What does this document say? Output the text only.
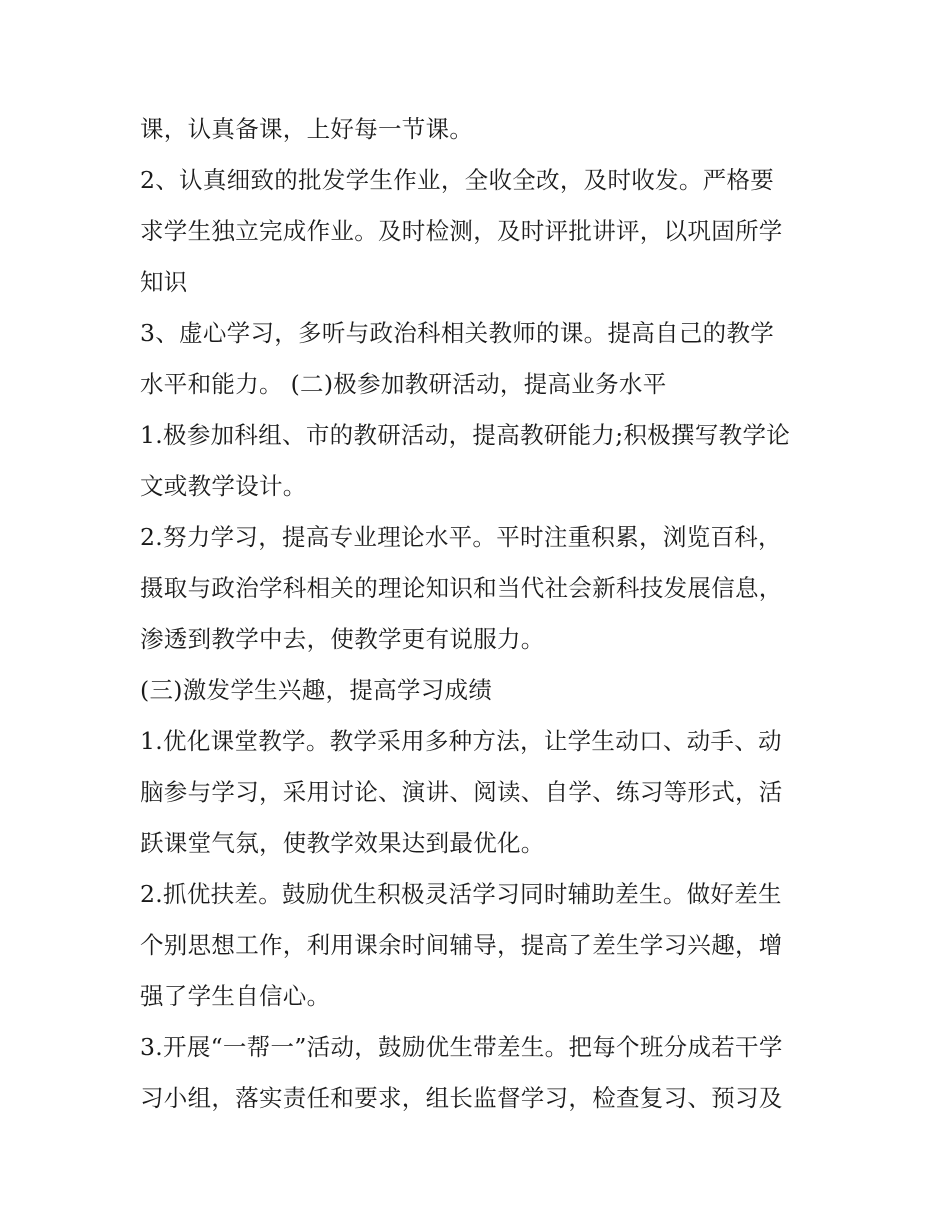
课，认真备课，上好每一节课。
2、认真细致的批发学生作业，全收全改，及时收发。严格要
求学生独立完成作业。及时检测，及时评批讲评，以巩固所学
知识
3、虚心学习，多听与政治科相关教师的课。提高自己的教学
水平和能力。 (二)极参加教研活动，提高业务水平
1.极参加科组、市的教研活动，提高教研能力;积极撰写教学论
文或教学设计。
2.努力学习，提高专业理论水平。平时注重积累，浏览百科，
摄取与政治学科相关的理论知识和当代社会新科技发展信息，
渗透到教学中去，使教学更有说服力。
(三)激发学生兴趣，提高学习成绩
1.优化课堂教学。教学采用多种方法，让学生动口、动手、动
脑参与学习，采用讨论、演讲、阅读、自学、练习等形式，活
跃课堂气氛，使教学效果达到最优化。
2.抓优扶差。鼓励优生积极灵活学习同时辅助差生。做好差生
个别思想工作，利用课余时间辅导，提高了差生学习兴趣，增
强了学生自信心。
3.开展“一帮一”活动，鼓励优生带差生。把每个班分成若干学
习小组，落实责任和要求，组长监督学习，检查复习、预习及
